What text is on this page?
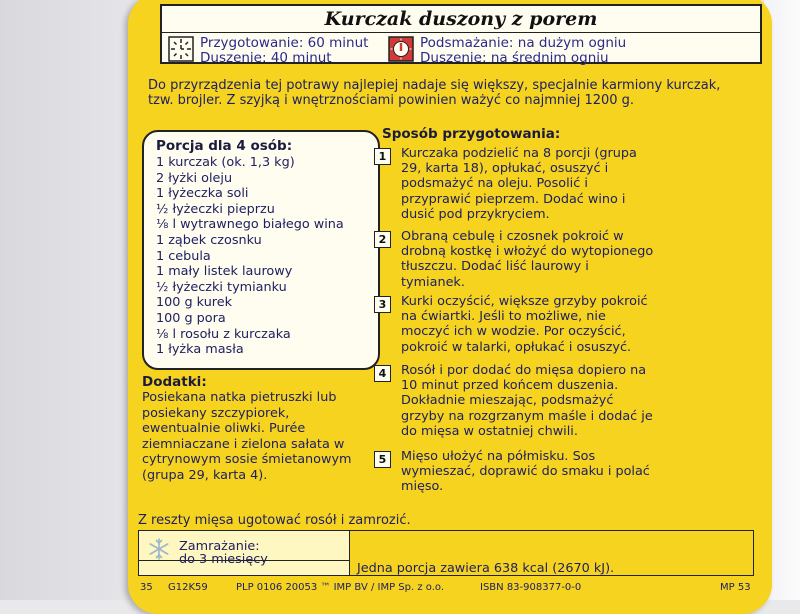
Kurczak duszony z porem
Przygotowanie: 60 minut
Duszenie: 40 minut
Podsmażanie: na dużym ogniu
Duszenie: na średnim ogniu
Do przyrządzenia tej potrawy najlepiej nadaje się większy, specjalnie karmiony kurczak, tzw. brojler. Z szyjką i wnętrznościami powinien ważyć co najmniej 1200 g.
Porcja dla 4 osób:
1 kurczak (ok. 1,3 kg)
2 łyżki oleju
1 łyżeczka soli
½ łyżeczki pieprzu
⅛ l wytrawnego białego wina
1 ząbek czosnku
1 cebula
1 mały listek laurowy
½ łyżeczki tymianku
100 g kurek
100 g pora
⅛ l rosołu z kurczaka
1 łyżka masła
Dodatki:
Posiekana natka pietruszki lub posiekany szczypiorek, ewentualnie oliwki. Purée ziemniaczane i zielona sałata w cytrynowym sosie śmietanowym (grupa 29, karta 4).
Sposób przygotowania:
1	Kurczaka podzielić na 8 porcji (grupa 29, karta 18), opłukać, osuszyć i podsmażyć na oleju. Posolić i przyprawić pieprzem. Dodać wino i dusić pod przykryciem.
2	Obraną cebulę i czosnek pokroić w drobną kostkę i włożyć do wytopionego tłuszczu. Dodać liść laurowy i tymianek.
3	Kurki oczyścić, większe grzyby pokroić na ćwiartki. Jeśli to możliwe, nie moczyć ich w wodzie. Por oczyścić, pokroić w talarki, opłukać i osuszyć.
4	Rosół i por dodać do mięsa dopiero na 10 minut przed końcem duszenia. Dokładnie mieszając, podsmażyć grzyby na rozgrzanym maśle i dodać je do mięsa w ostatniej chwili.
5	Mięso ułożyć na półmisku. Sos wymieszać, doprawić do smaku i polać mięso.
Z reszty mięsa ugotować rosół i zamrozić.
Zamrażanie:
do 3 miesięcy
Jedna porcja zawiera 638 kcal (2670 kJ).
35 G12K59	PLP 0106 20053 ™ IMP BV / IMP Sp. z o.o.	ISBN 83-908377-0-0	MP 53
